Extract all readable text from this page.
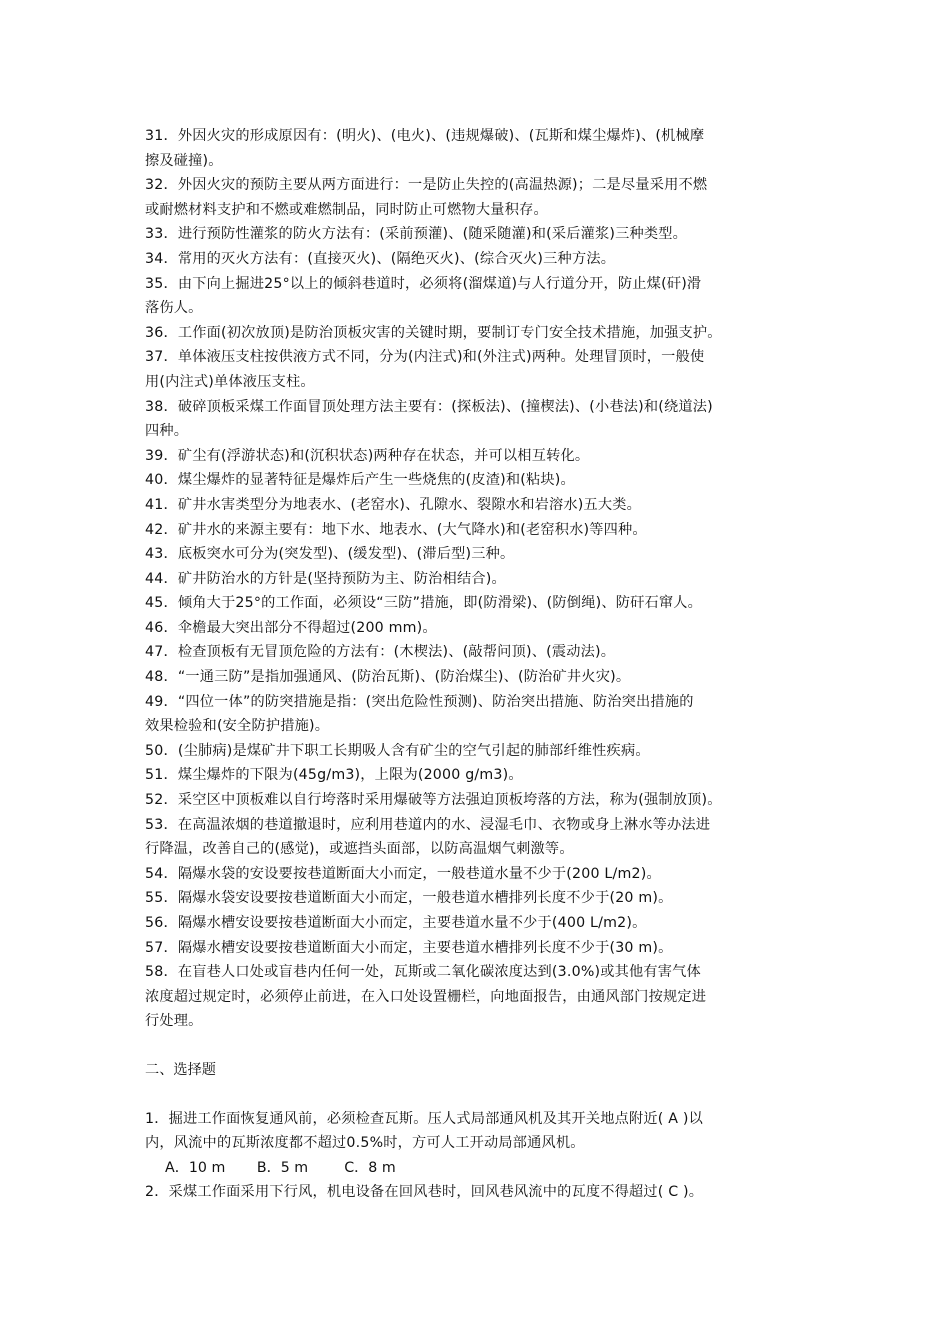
31．外因火灾的形成原因有：(明火)、(电火)、(违规爆破)、(瓦斯和煤尘爆炸)、(机械摩
擦及碰撞)。
32．外因火灾的预防主要从两方面进行：一是防止失控的(高温热源)；二是尽量采用不燃
或耐燃材料支护和不燃或难燃制品，同时防止可燃物大量积存。
33．进行预防性灌浆的防火方法有：(采前预灌)、(随采随灌)和(采后灌浆)三种类型。
34．常用的灭火方法有：(直接灭火)、(隔绝灭火)、(综合灭火)三种方法。
35．由下向上掘进25°以上的倾斜巷道时，必须将(溜煤道)与人行道分开，防止煤(矸)滑
落伤人。
36．工作面(初次放顶)是防治顶板灾害的关键时期，要制订专门安全技术措施，加强支护。
37．单体液压支柱按供液方式不同，分为(内注式)和(外注式)两种。处理冒顶时，一般使
用(内注式)单体液压支柱。
38．破碎顶板采煤工作面冒顶处理方法主要有：(探板法)、(撞楔法)、(小巷法)和(绕道法)
四种。
39．矿尘有(浮游状态)和(沉积状态)两种存在状态，并可以相互转化。
40．煤尘爆炸的显著特征是爆炸后产生一些烧焦的(皮渣)和(粘块)。
41．矿井水害类型分为地表水、(老窑水)、孔隙水、裂隙水和岩溶水)五大类。
42．矿井水的来源主要有：地下水、地表水、(大气降水)和(老窑积水)等四种。
43．底板突水可分为(突发型)、(缓发型)、(滞后型)三种。
44．矿井防治水的方针是(坚持预防为主、防治相结合)。
45．倾角大于25°的工作面，必须设“三防”措施，即(防滑梁)、(防倒绳)、防矸石窜人。
46．伞檐最大突出部分不得超过(200 mm)。
47．检查顶板有无冒顶危险的方法有：(木楔法)、(敲帮问顶)、(震动法)。
48．“一通三防”是指加强通风、(防治瓦斯)、(防治煤尘)、(防治矿井火灾)。
49．“四位一体”的防突措施是指：(突出危险性预测)、防治突出措施、防治突出措施的
效果检验和(安全防护措施)。
50．(尘肺病)是煤矿井下职工长期吸人含有矿尘的空气引起的肺部纤维性疾病。
51．煤尘爆炸的下限为(45g/m3)，上限为(2000 g/m3)。
52．采空区中顶板难以自行垮落时采用爆破等方法强迫顶板垮落的方法，称为(强制放顶)。
53．在高温浓烟的巷道撤退时，应利用巷道内的水、浸湿毛巾、衣物或身上淋水等办法进
行降温，改善自己的(感觉)，或遮挡头面部，以防高温烟气刺激等。
54．隔爆水袋的安设要按巷道断面大小而定，一般巷道水量不少于(200 L/m2)。
55．隔爆水袋安设要按巷道断面大小而定，一般巷道水槽排列长度不少于(20 m)。
56．隔爆水槽安设要按巷道断面大小而定，主要巷道水量不少于(400 L/m2)。
57．隔爆水槽安设要按巷道断面大小而定，主要巷道水槽排列长度不少于(30 m)。
58．在盲巷人口处或盲巷内任何一处，瓦斯或二氧化碳浓度达到(3.0%)或其他有害气体
浓度超过规定时，必须停止前进，在入口处设置栅栏，向地面报告，由通风部门按规定进
行处理。
二、选择题
1．掘进工作面恢复通风前，必须检查瓦斯。压人式局部通风机及其开关地点附近( A )以
内，风流中的瓦斯浓度都不超过0.5%时，方可人工开动局部通风机。
A．10 m       B．5 m        C．8 m
2．采煤工作面采用下行风，机电设备在回风巷时，回风巷风流中的瓦度不得超过( C )。
